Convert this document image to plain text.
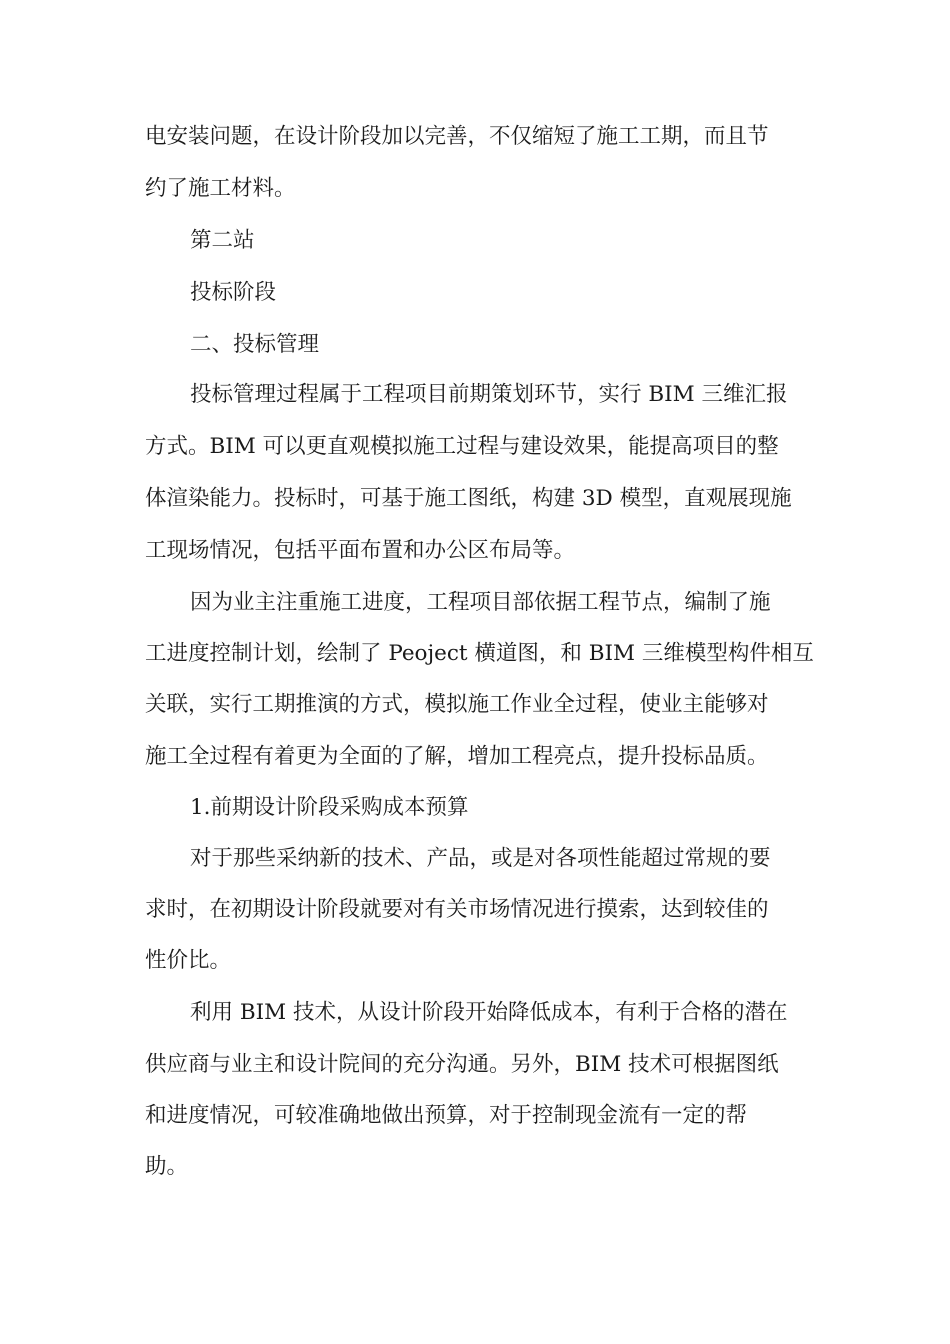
电安装问题，在设计阶段加以完善，不仅缩短了施工工期，而且节
约了施工材料。
第二站
投标阶段
二、投标管理
投标管理过程属于工程项目前期策划环节，实行 BIM 三维汇报
方式。BIM 可以更直观模拟施工过程与建设效果，能提高项目的整
体渲染能力。投标时，可基于施工图纸，构建 3D 模型，直观展现施
工现场情况，包括平面布置和办公区布局等。
因为业主注重施工进度，工程项目部依据工程节点，编制了施
工进度控制计划，绘制了 Peoject 横道图，和 BIM 三维模型构件相互
关联，实行工期推演的方式，模拟施工作业全过程，使业主能够对
施工全过程有着更为全面的了解，增加工程亮点，提升投标品质。
1.前期设计阶段采购成本预算
对于那些采纳新的技术、产品，或是对各项性能超过常规的要
求时，在初期设计阶段就要对有关市场情况进行摸索，达到较佳的
性价比。
利用 BIM 技术，从设计阶段开始降低成本，有利于合格的潜在
供应商与业主和设计院间的充分沟通。另外，BIM 技术可根据图纸
和进度情况，可较准确地做出预算，对于控制现金流有一定的帮
助。
